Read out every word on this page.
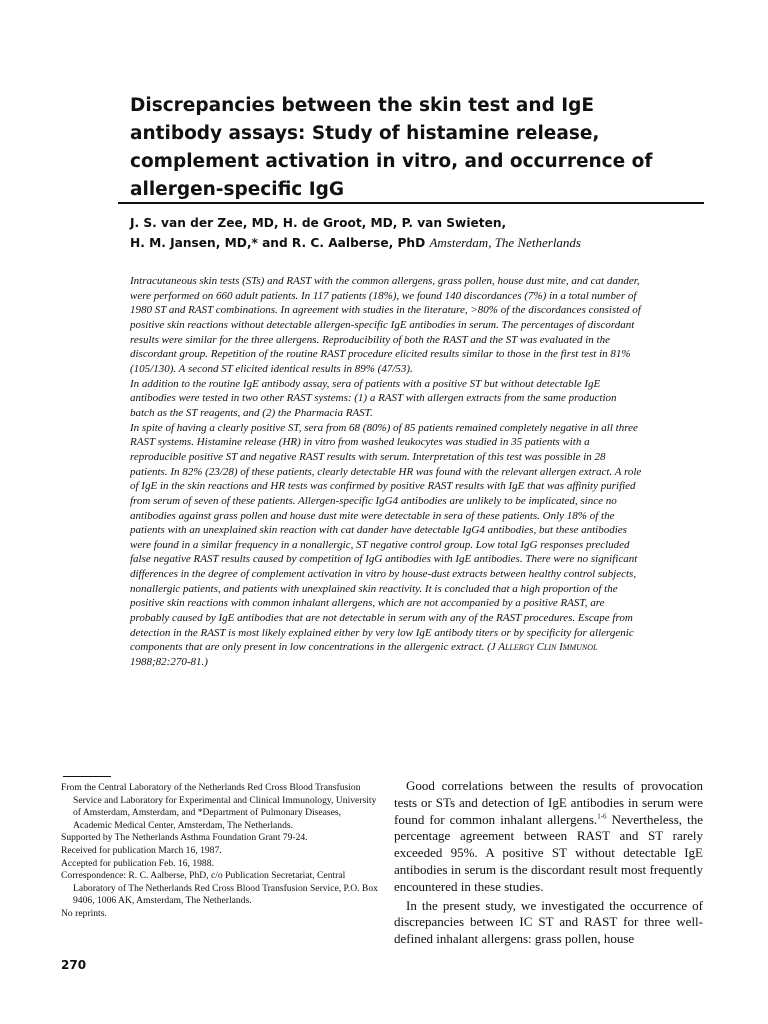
Discrepancies between the skin test and IgE antibody assays: Study of histamine release, complement activation in vitro, and occurrence of allergen-specific IgG
J. S. van der Zee, MD, H. de Groot, MD, P. van Swieten,
H. M. Jansen, MD,* and R. C. Aalberse, PhD Amsterdam, The Netherlands

Intracutaneous skin tests (STs) and RAST with the common allergens, grass pollen, house dust mite, and cat dander, were performed on 660 adult patients. In 117 patients (18%), we found 140 discordances (7%) in a total number of 1980 ST and RAST combinations. In agreement with studies in the literature, >80% of the discordances consisted of positive skin reactions without detectable allergen-specific IgE antibodies in serum. The percentages of discordant results were similar for the three allergens. Reproducibility of both the RAST and the ST was evaluated in the discordant group. Repetition of the routine RAST procedure elicited results similar to those in the first test in 81% (105/130). A second ST elicited identical results in 89% (47/53).

In addition to the routine IgE antibody assay, sera of patients with a positive ST but without detectable IgE antibodies were tested in two other RAST systems: (1) a RAST with allergen extracts from the same production batch as the ST reagents, and (2) the Pharmacia RAST.

In spite of having a clearly positive ST, sera from 68 (80%) of 85 patients remained completely negative in all three RAST systems. Histamine release (HR) in vitro from washed leukocytes was studied in 35 patients with a reproducible positive ST and negative RAST results with serum. Interpretation of this test was possible in 28 patients. In 82% (23/28) of these patients, clearly detectable HR was found with the relevant allergen extract. A role of IgE in the skin reactions and HR tests was confirmed by positive RAST results with IgE that was affinity purified from serum of seven of these patients. Allergen-specific IgG4 antibodies are unlikely to be implicated, since no antibodies against grass pollen and house dust mite were detectable in sera of these patients. Only 18% of the patients with an unexplained skin reaction with cat dander have detectable IgG4 antibodies, but these antibodies were found in a similar frequency in a nonallergic, ST negative control group. Low total IgG responses precluded false negative RAST results caused by competition of IgG antibodies with IgE antibodies. There were no significant differences in the degree of complement activation in vitro by house-dust extracts between healthy control subjects, nonallergic patients, and patients with unexplained skin reactivity. It is concluded that a high proportion of the positive skin reactions with common inhalant allergens, which are not accompanied by a positive RAST, are probably caused by IgE antibodies that are not detectable in serum with any of the RAST procedures. Escape from detection in the RAST is most likely explained either by very low IgE antibody titers or by specificity for allergenic components that are only present in low concentrations in the allergenic extract. (J Allergy Clin Immunol 1988;82:270-81.)

From the Central Laboratory of the Netherlands Red Cross Blood Transfusion Service and Laboratory for Experimental and Clinical Immunology, University of Amsterdam, Amsterdam, and *Department of Pulmonary Diseases, Academic Medical Center, Amsterdam, The Netherlands.

Supported by The Netherlands Asthma Foundation Grant 79-24.

Received for publication March 16, 1987.

Accepted for publication Feb. 16, 1988.

Correspondence: R. C. Aalberse, PhD, c/o Publication Secretariat, Central Laboratory of The Netherlands Red Cross Blood Transfusion Service, P.O. Box 9406, 1006 AK, Amsterdam, The Netherlands.

No reprints.

Good correlations between the results of provocation tests or STs and detection of IgE antibodies in serum were found for common inhalant allergens.$^{1-6}$ Nevertheless, the percentage agreement between RAST and ST rarely exceeded 95%. A positive ST without detectable IgE antibodies in serum is the discordant result most frequently encountered in these studies.

In the present study, we investigated the occurrence of discrepancies between IC ST and RAST for three well-defined inhalant allergens: grass pollen, house

270
